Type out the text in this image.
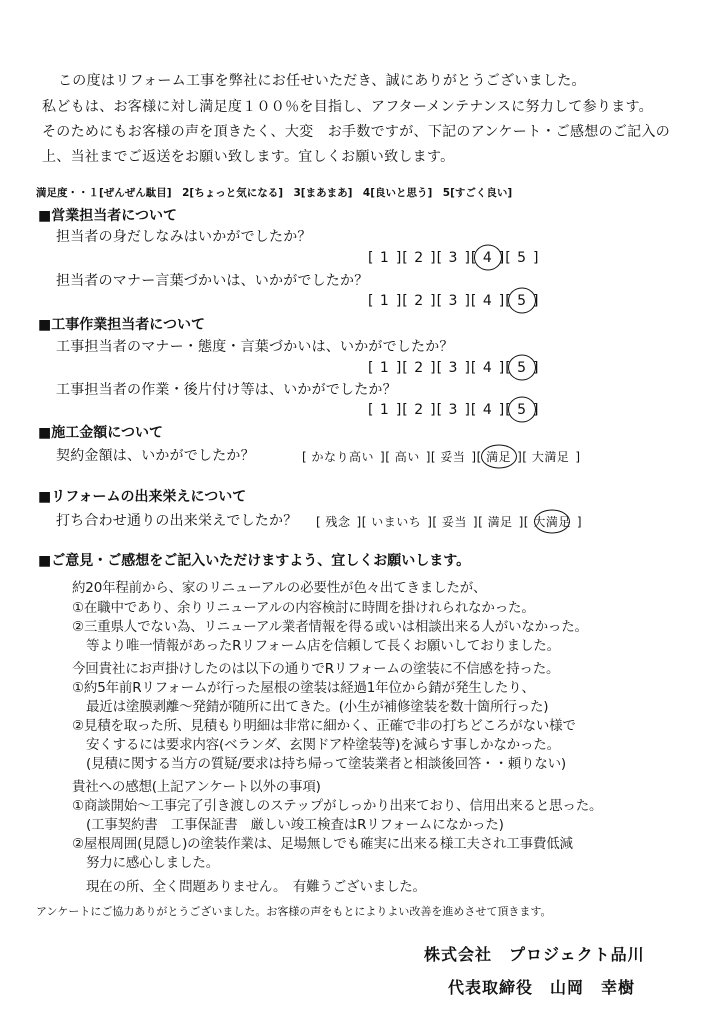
この度はリフォーム工事を弊社にお任せいただき、誠にありがとうございました。
私どもは、お客様に対し満足度１００％を目指し、アフターメンテナンスに努力して参ります。
そのためにもお客様の声を頂きたく、大変　お手数ですが、下記のアンケート・ご感想のご記入の
上、当社までご返送をお願い致します。宜しくお願い致します。
満足度・・１[ぜんぜん駄目]　2[ちょっと気になる]　3[まあまあ]　4[良いと思う]　5[すごく良い]
■営業担当者について
担当者の身だしなみはいかがでしたか？
[ 1 ][ 2 ][ 3 ][ 4 ][ 5 ]
担当者のマナー言葉づかいは、いかがでしたか？
[ 1 ][ 2 ][ 3 ][ 4 ][ 5 ]
■工事作業担当者について
工事担当者のマナー・態度・言葉づかいは、いかがでしたか？
[ 1 ][ 2 ][ 3 ][ 4 ][ 5 ]
工事担当者の作業・後片付け等は、いかがでしたか？
[ 1 ][ 2 ][ 3 ][ 4 ][ 5 ]
■施工金額について
契約金額は、いかがでしたか？	[ かなり高い ][ 高い ][ 妥当 ][ 満足 ][ 大満足 ]
■リフォームの出来栄えについて
打ち合わせ通りの出来栄えでしたか？ [ 残念 ][ いまいち ][ 妥当 ][ 満足 ][ 大満足 ]
■ご意見・ご感想をご記入いただけますよう、宜しくお願いします。
約20年程前から、家のリニューアルの必要性が色々出てきましたが、
①在職中であり、余りリニューアルの内容検討に時間を掛けれられなかった。
②三重県人でない為、リニューアル業者情報を得る或いは相談出来る人がいなかった。
等より唯一情報があったRリフォーム店を信頼して長くお願いしておりました。
今回貴社にお声掛けしたのは以下の通りでRリフォームの塗装に不信感を持った。
①約5年前Rリフォームが行った屋根の塗装は経過1年位から錆が発生したり、
最近は塗膜剥離～発錆が随所に出てきた。(小生が補修塗装を数十箇所行った)
②見積を取った所、見積もり明細は非常に細かく、正確で非の打ちどころがない様で
安くするには要求内容(ベランダ、玄関ドア枠塗装等)を減らす事しかなかった。
(見積に関する当方の質疑/要求は持ち帰って塗装業者と相談後回答・・頼りない)
貴社への感想(上記アンケート以外の事項)
①商談開始～工事完了引き渡しのステップがしっかり出来ており、信用出来ると思った。
(工事契約書　工事保証書　厳しい竣工検査はRリフォームになかった)
②屋根周囲(見隠し)の塗装作業は、足場無しでも確実に出来る様工夫され工事費低減
努力に感心しました。
現在の所、全く問題ありません。　有難うございました。
アンケートにご協力ありがとうございました。お客様の声をもとによりよい改善を進めさせて頂きます。
株式会社　プロジェクト品川
代表取締役　山岡　幸樹
